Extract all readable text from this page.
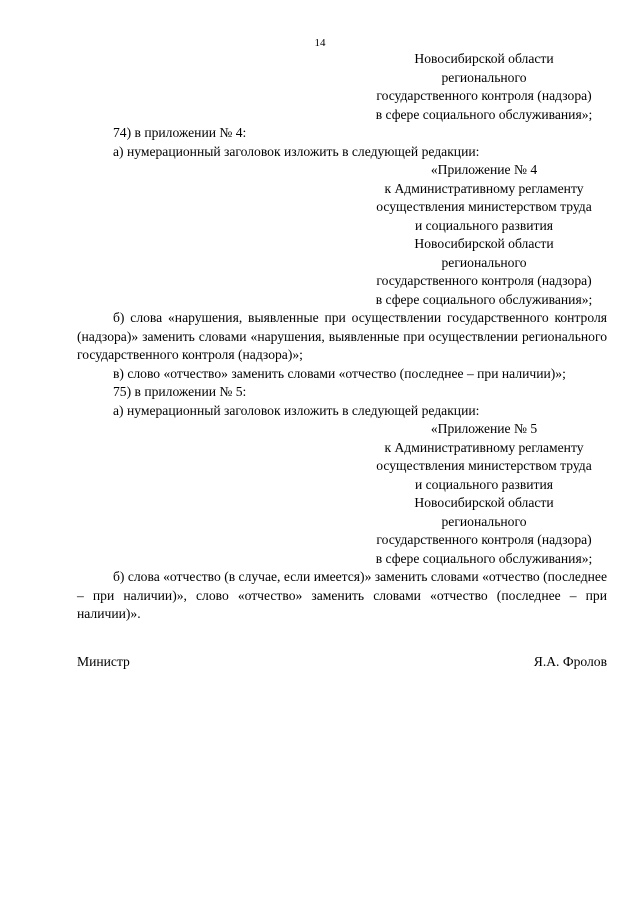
14
Новосибирской области
регионального
государственного контроля (надзора)
в сфере социального обслуживания»;

74) в приложении № 4:

а) нумерационный заголовок изложить в следующей редакции:

«Приложение № 4
к Административному регламенту
осуществления министерством труда
и социального развития
Новосибирской области
регионального
государственного контроля (надзора)
в сфере социального обслуживания»;

б) слова «нарушения, выявленные при осуществлении государственного контроля (надзора)» заменить словами «нарушения, выявленные при осуществлении регионального государственного контроля (надзора)»;

в) слово «отчество» заменить словами «отчество (последнее – при наличии)»;

75) в приложении № 5:

а) нумерационный заголовок изложить в следующей редакции:

«Приложение № 5
к Административному регламенту
осуществления министерством труда
и социального развития
Новосибирской области
регионального
государственного контроля (надзора)
в сфере социального обслуживания»;

б) слова «отчество (в случае, если имеется)» заменить словами «отчество (последнее – при наличии)», слово «отчество» заменить словами «отчество (последнее – при наличии)».

Министр	Я.А. Фролов
